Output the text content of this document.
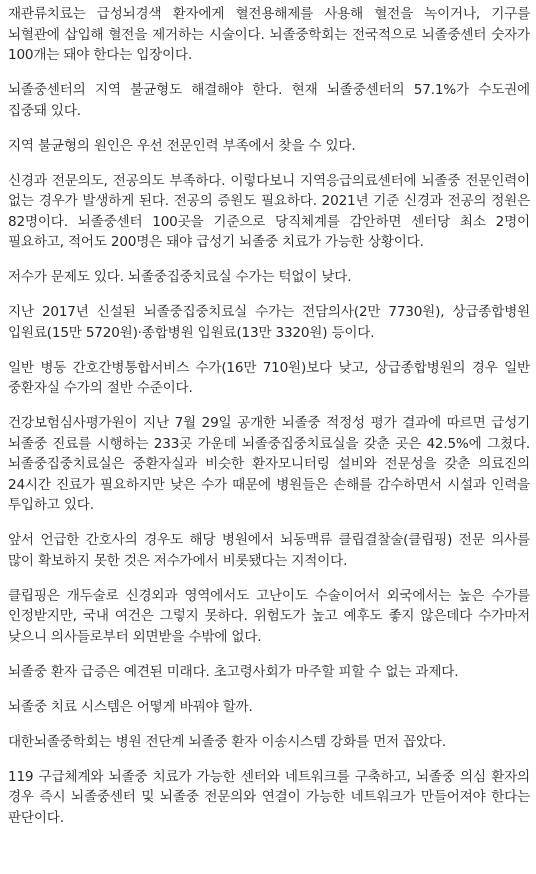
재관류치료는 급성뇌경색 환자에게 혈전용해제를 사용해 혈전을 녹이거나, 기구를 뇌혈관에 삽입해 혈전을 제거하는 시술이다. 뇌졸중학회는 전국적으로 뇌졸중센터 숫자가 100개는 돼야 한다는 입장이다.

뇌졸중센터의 지역 불균형도 해결해야 한다. 현재 뇌졸중센터의 57.1%가 수도권에 집중돼 있다.

지역 불균형의 원인은 우선 전문인력 부족에서 찾을 수 있다.

신경과 전문의도, 전공의도 부족하다. 이렇다보니 지역응급의료센터에 뇌졸중 전문인력이 없는 경우가 발생하게 된다. 전공의 증원도 필요하다. 2021년 기준 신경과 전공의 정원은 82명이다. 뇌졸중센터 100곳을 기준으로 당직체계를 감안하면 센터당 최소 2명이 필요하고, 적어도 200명은 돼야 급성기 뇌졸중 치료가 가능한 상황이다.

저수가 문제도 있다. 뇌졸중집중치료실 수가는 턱없이 낮다.

지난 2017년 신설된 뇌졸중집중치료실 수가는 전담의사(2만 7730원), 상급종합병원 입원료(15만 5720원)·종합병원 입원료(13만 3320원) 등이다.

일반 병동 간호간병통합서비스 수가(16만 710원)보다 낮고, 상급종합병원의 경우 일반 중환자실 수가의 절반 수준이다.

건강보험심사평가원이 지난 7월 29일 공개한 뇌졸중 적정성 평가 결과에 따르면 급성기 뇌졸중 진료를 시행하는 233곳 가운데 뇌졸중집중치료실을 갖춘 곳은 42.5%에 그쳤다. 뇌졸중집중치료실은 중환자실과 비슷한 환자모니터링 설비와 전문성을 갖춘 의료진의 24시간 진료가 필요하지만 낮은 수가 때문에 병원들은 손해를 감수하면서 시설과 인력을 투입하고 있다.

앞서 언급한 간호사의 경우도 해당 병원에서 뇌동맥류 클립결찰술(클립핑) 전문 의사를 많이 확보하지 못한 것은 저수가에서 비롯됐다는 지적이다.

클립핑은 개두술로 신경외과 영역에서도 고난이도 수술이어서 외국에서는 높은 수가를 인정받지만, 국내 여건은 그렇지 못하다. 위험도가 높고 예후도 좋지 않은데다 수가마저 낮으니 의사들로부터 외면받을 수밖에 없다.

뇌졸중 환자 급증은 예견된 미래다. 초고령사회가 마주할 피할 수 없는 과제다.

뇌졸중 치료 시스템은 어떻게 바꿔야 할까.

대한뇌졸중학회는 병원 전단계 뇌졸중 환자 이송시스템 강화를 먼저 꼽았다.

119 구급체계와 뇌졸중 치료가 가능한 센터와 네트워크를 구축하고, 뇌졸중 의심 환자의 경우 즉시 뇌졸중센터 및 뇌졸중 전문의와 연결이 가능한 네트워크가 만들어져야 한다는 판단이다.
